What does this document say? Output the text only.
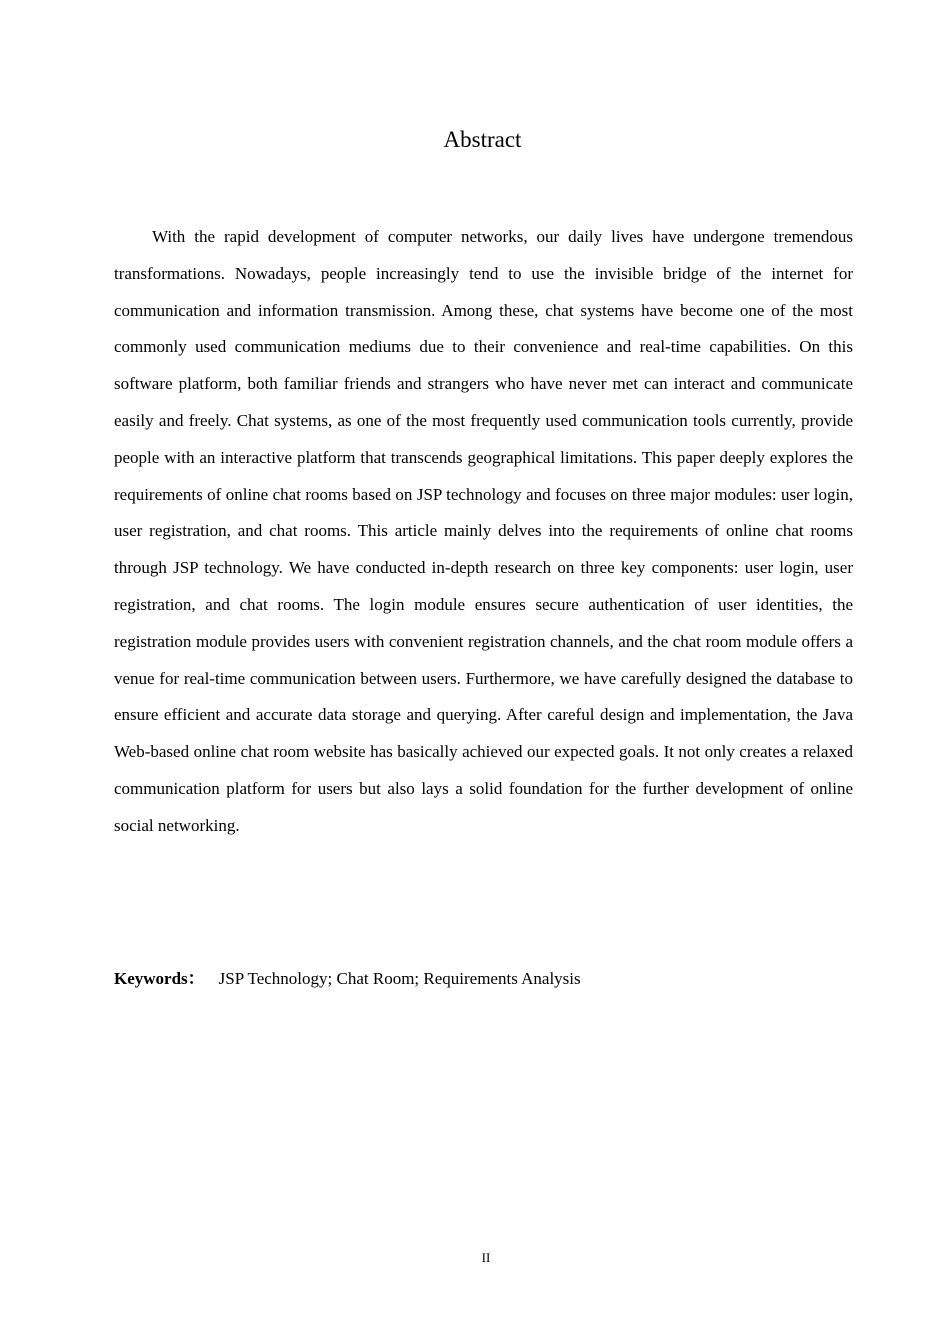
Abstract

With the rapid development of computer networks, our daily lives have undergone tremendous transformations. Nowadays, people increasingly tend to use the invisible bridge of the internet for communication and information transmission. Among these, chat systems have become one of the most commonly used communication mediums due to their convenience and real-time capabilities. On this software platform, both familiar friends and strangers who have never met can interact and communicate easily and freely. Chat systems, as one of the most frequently used communication tools currently, provide people with an interactive platform that transcends geographical limitations. This paper deeply explores the requirements of online chat rooms based on JSP technology and focuses on three major modules: user login, user registration, and chat rooms. This article mainly delves into the requirements of online chat rooms through JSP technology. We have conducted in-depth research on three key components: user login, user registration, and chat rooms. The login module ensures secure authentication of user identities, the registration module provides users with convenient registration channels, and the chat room module offers a venue for real-time communication between users. Furthermore, we have carefully designed the database to ensure efficient and accurate data storage and querying. After careful design and implementation, the Java Web-based online chat room website has basically achieved our expected goals. It not only creates a relaxed communication platform for users but also lays a solid foundation for the further development of online social networking.

Keywords： JSP Technology; Chat Room; Requirements Analysis

II
